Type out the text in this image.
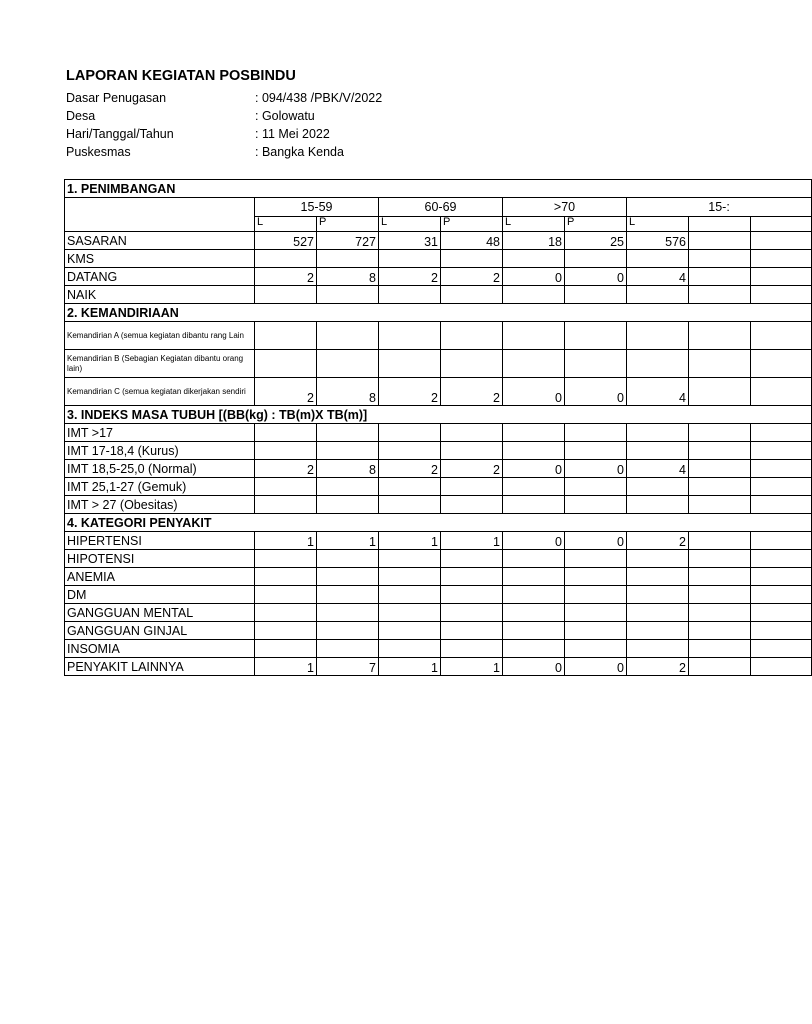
LAPORAN KEGIATAN POSBINDU
Dasar Penugasan	: 094/438 /PBK/V/2022
Desa	: Golowatu
Hari/Tanggal/Tahun	: 11 Mei 2022
Puskesmas	: Bangka Kenda
1. PENIMBANGAN									
	15-59		60-69		>70		15-:		
	L	P	L	P	L	P	L		
SASARAN	527	727	31	48	18	25	576		
KMS									
DATANG	2	8	2	2	0	0	4		
NAIK									
2. KEMANDIRIAAN									
Kemandirian A (semua kegiatan dibantu rang Lain									
Kemandirian B (Sebagian Kegiatan dibantu orang lain)									
Kemandirian C (semua kegiatan dikerjakan sendiri	2	8	2	2	0	0	4		
3. INDEKS MASA TUBUH [(BB(kg) : TB(m)X TB(m)]									
IMT >17									
IMT 17-18,4 (Kurus)									
IMT 18,5-25,0 (Normal)	2	8	2	2	0	0	4		
IMT 25,1-27 (Gemuk)									
IMT > 27 (Obesitas)									
4. KATEGORI PENYAKIT									
HIPERTENSI	1	1	1	1	0	0	2		
HIPOTENSI									
ANEMIA									
DM									
GANGGUAN MENTAL									
GANGGUAN GINJAL									
INSOMIA									
PENYAKIT LAINNYA	1	7	1	1	0	0	2		
